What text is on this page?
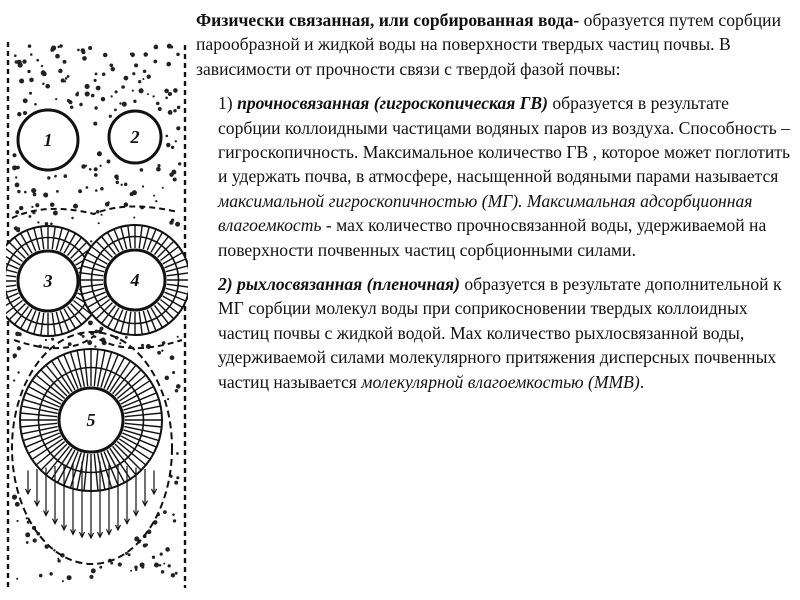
1	2
3	4
5

Физически связанная, или сорбированная вода- образуется путем сорбции парообразной и жидкой воды на поверхности твердых частиц почвы. В зависимости от прочности связи с твердой фазой почвы:

1) прочносвязанная (гигроскопическая ГВ) образуется в результате сорбции коллоидными частицами водяных паров из воздуха. Способность – гигроскопичность. Максимальное количество ГВ , которое может поглотить и удержать почва, в атмосфере, насыщенной водяными парами называется максимальной гигроскопичностью (МГ). Максимальная адсорбционная влагоемкость - мах количество прочносвязанной воды, удерживаемой на поверхности почвенных частиц сорбционными силами.

2) рыхлосвязанная (пленочная) образуется в результате дополнительной к МГ сорбции молекул воды при соприкосновении твердых коллоидных частиц почвы с жидкой водой. Мах количество рыхлосвязанной воды, удерживаемой силами молекулярного притяжения дисперсных почвенных частиц называется молекулярной влагоемкостью (ММВ).
